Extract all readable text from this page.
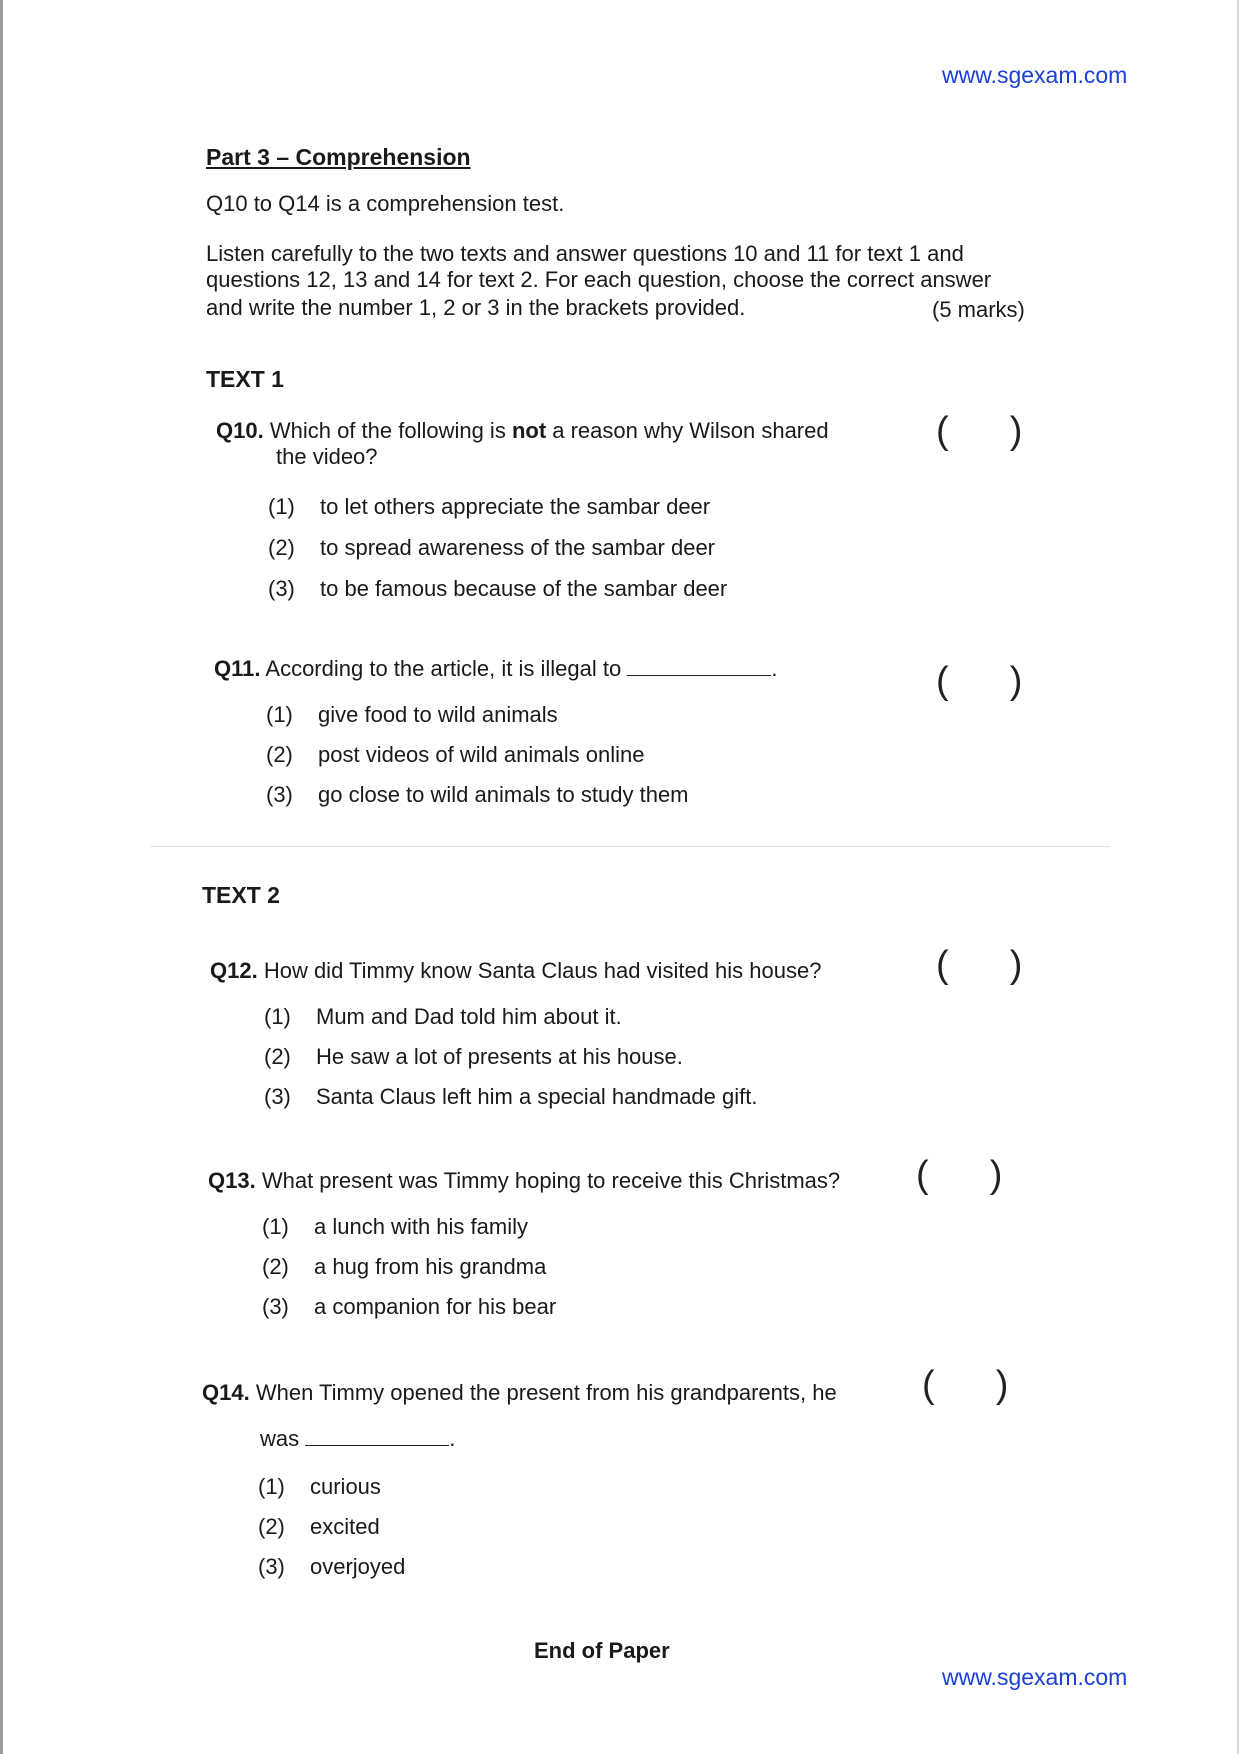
www.sgexam.com
Part 3 – Comprehension
Q10 to Q14 is a comprehension test.
Listen carefully to the two texts and answer questions 10 and 11 for text 1 and
questions 12, 13 and 14 for text 2. For each question, choose the correct answer
and write the number 1, 2 or 3 in the brackets provided.	(5 marks)
TEXT 1
Q10. Which of the following is not a reason why Wilson shared
the video?
( )
(1) to let others appreciate the sambar deer
(2) to spread awareness of the sambar deer
(3) to be famous because of the sambar deer
Q11. According to the article, it is illegal to	.	( )
(1) give food to wild animals
(2) post videos of wild animals online
(3) go close to wild animals to study them
TEXT 2
Q12. How did Timmy know Santa Claus had visited his house?	( )
(1) Mum and Dad told him about it.
(2) He saw a lot of presents at his house.
(3) Santa Claus left him a special handmade gift.
Q13. What present was Timmy hoping to receive this Christmas? ( )
(1) a lunch with his family
(2) a hug from his grandma
(3) a companion for his bear
Q14. When Timmy opened the present from his grandparents, he ( )
was	.
(1) curious
(2) excited
(3) overjoyed
End of Paper
www.sgexam.com
